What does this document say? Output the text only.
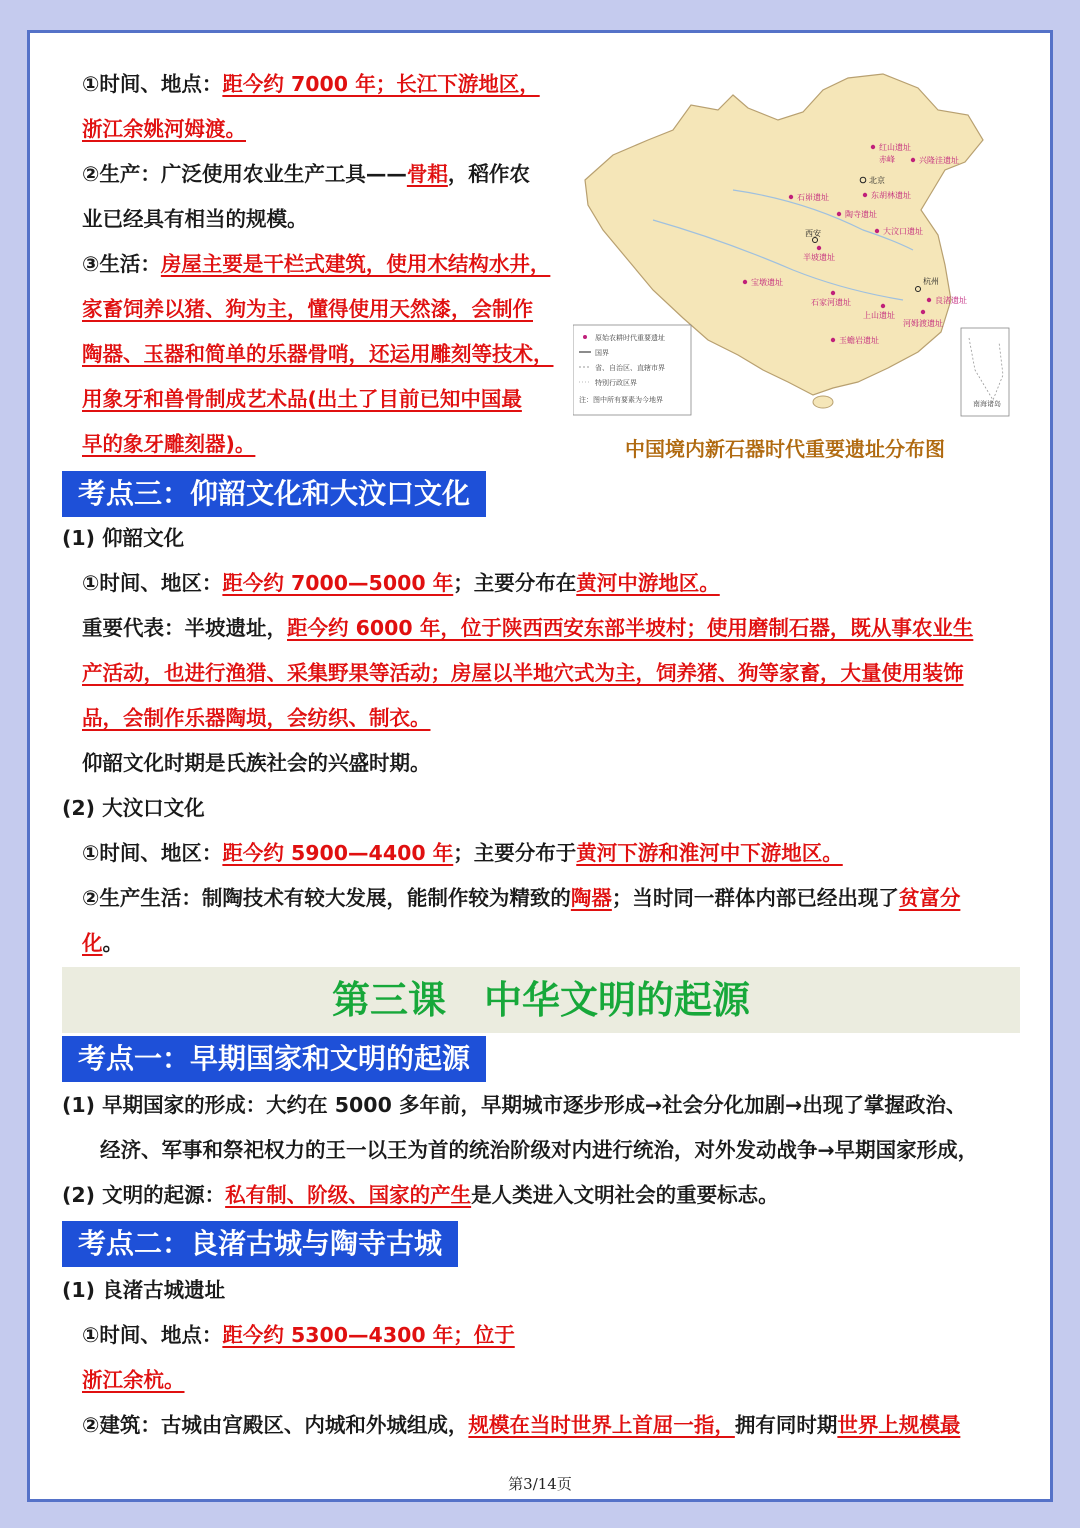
①时间、地点：距今约 7000 年；长江下游地区，
浙江余姚河姆渡。
②生产：广泛使用农业生产工具——骨耜，稻作农
业已经具有相当的规模。
③生活：房屋主要是干栏式建筑，使用木结构水井，
家畜饲养以猪、狗为主，懂得使用天然漆，会制作
陶器、玉器和简单的乐器骨哨，还运用雕刻等技术，
用象牙和兽骨制成艺术品(出土了目前已知中国最
早的象牙雕刻器)。
原始农耕时代重要遗址
国界
省、自治区、直辖市界
特别行政区界
注：图中所有要素为今地界	南海诸岛
红山遗址
赤峰	兴隆洼遗址
北京
东胡林遗址
石峁遗址
陶寺遗址
大汶口遗址
西安
半坡遗址
宝墩遗址
石家河遗址
杭州
上山遗址
良渚遗址
河姆渡遗址
玉蟾岩遗址
中国境内新石器时代重要遗址分布图
考点三：仰韶文化和大汶口文化
(1) 仰韶文化
①时间、地区：距今约 7000—5000 年；主要分布在黄河中游地区。
重要代表：半坡遗址，距今约 6000 年，位于陕西西安东部半坡村；使用磨制石器，既从事农业生
产活动，也进行渔猎、采集野果等活动；房屋以半地穴式为主，饲养猪、狗等家畜，大量使用装饰
品，会制作乐器陶埙，会纺织、制衣。
仰韶文化时期是氏族社会的兴盛时期。
(2) 大汶口文化
①时间、地区：距今约 5900—4400 年；主要分布于黄河下游和淮河中下游地区。
②生产生活：制陶技术有较大发展，能制作较为精致的陶器；当时同一群体内部已经出现了贫富分
化。
第三课　中华文明的起源
考点一：早期国家和文明的起源
(1) 早期国家的形成：大约在 5000 多年前，早期城市逐步形成→社会分化加剧→出现了掌握政治、
经济、军事和祭祀权力的王一以王为首的统治阶级对内进行统治，对外发动战争→早期国家形成，
(2) 文明的起源：私有制、阶级、国家的产生是人类进入文明社会的重要标志。
考点二：良渚古城与陶寺古城
(1) 良渚古城遗址
①时间、地点：距今约 5300—4300 年；位于
浙江余杭。
②建筑：古城由宫殿区、内城和外城组成，规模在当时世界上首屈一指，拥有同时期世界上规模最
第3/14页
